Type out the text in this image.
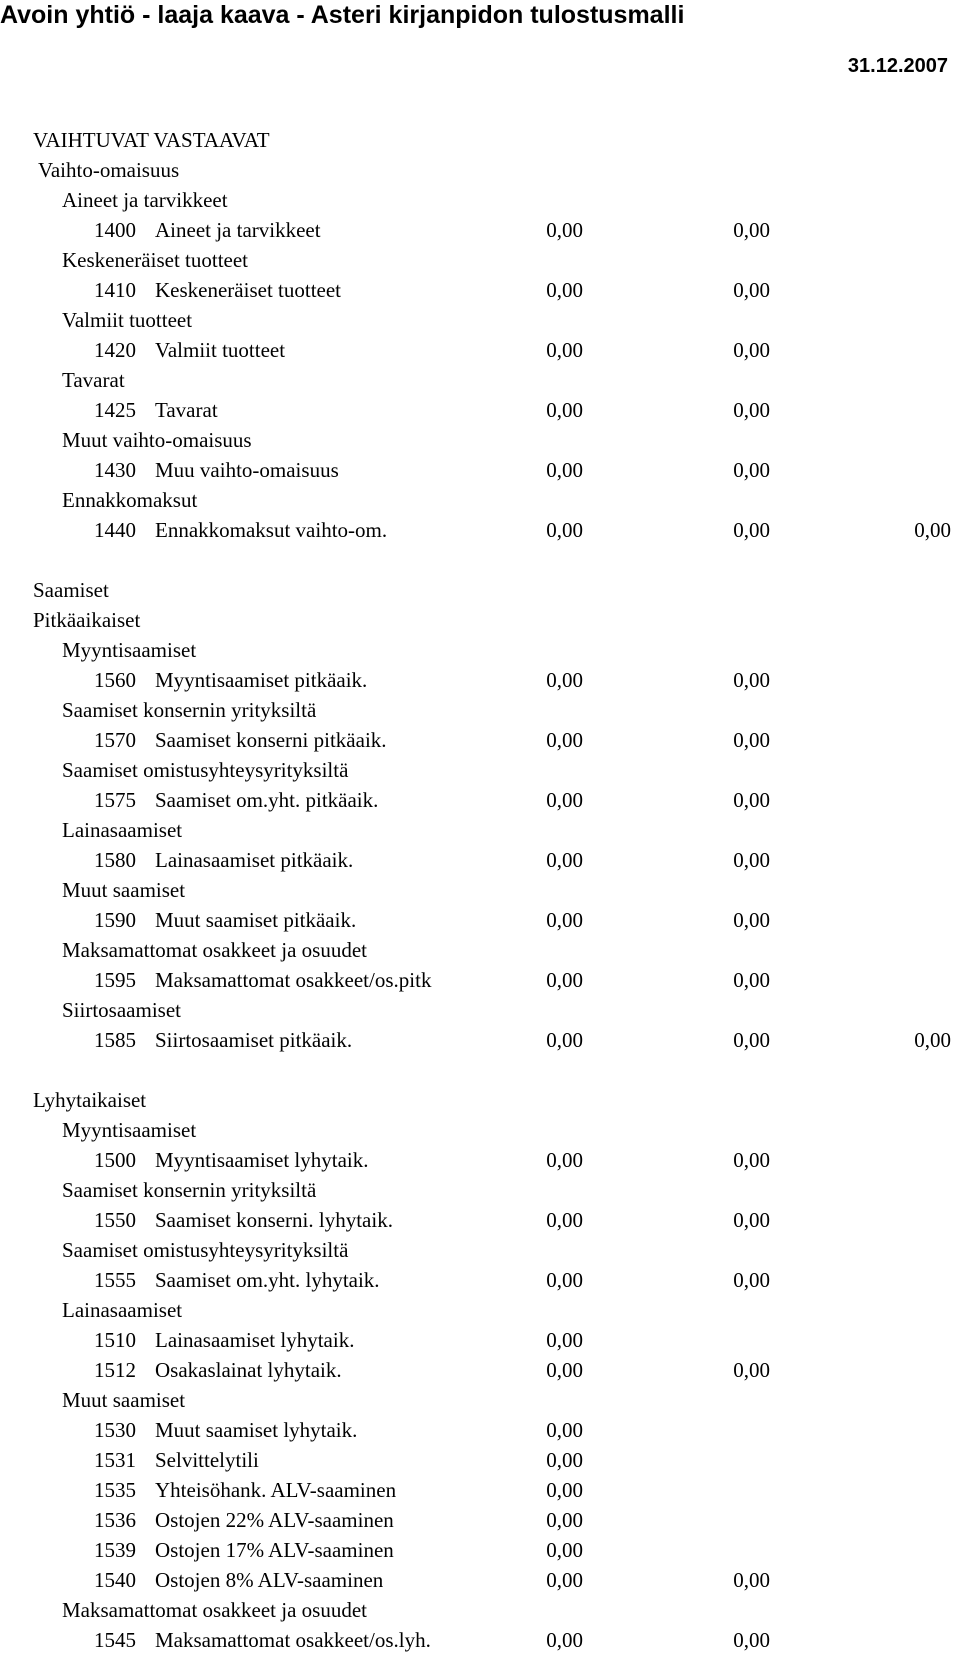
Avoin yhtiö - laaja kaava - Asteri kirjanpidon tulostusmalli
31.12.2007
VAIHTUVAT VASTAAVAT
Vaihto-omaisuus
Aineet ja tarvikkeet
1400 Aineet ja tarvikkeet	0,00	0,00
Keskeneräiset tuotteet
1410 Keskeneräiset tuotteet	0,00	0,00
Valmiit tuotteet
1420 Valmiit tuotteet	0,00	0,00
Tavarat
1425 Tavarat	0,00	0,00
Muut vaihto-omaisuus
1430 Muu vaihto-omaisuus	0,00	0,00
Ennakkomaksut
1440 Ennakkomaksut vaihto-om.	0,00	0,00	0,00
Saamiset
Pitkäaikaiset
Myyntisaamiset
1560 Myyntisaamiset pitkäaik.	0,00	0,00
Saamiset konsernin yrityksiltä
1570 Saamiset konserni pitkäaik.	0,00	0,00
Saamiset omistusyhteysyrityksiltä
1575 Saamiset om.yht. pitkäaik.	0,00	0,00
Lainasaamiset
1580 Lainasaamiset pitkäaik.	0,00	0,00
Muut saamiset
1590 Muut saamiset pitkäaik.	0,00	0,00
Maksamattomat osakkeet ja osuudet
1595 Maksamattomat osakkeet/os.pitk	0,00	0,00
Siirtosaamiset
1585 Siirtosaamiset pitkäaik.	0,00	0,00	0,00
Lyhytaikaiset
Myyntisaamiset
1500 Myyntisaamiset lyhytaik.	0,00	0,00
Saamiset konsernin yrityksiltä
1550 Saamiset konserni. lyhytaik.	0,00	0,00
Saamiset omistusyhteysyrityksiltä
1555 Saamiset om.yht. lyhytaik.	0,00	0,00
Lainasaamiset
1510 Lainasaamiset lyhytaik.	0,00
1512 Osakaslainat lyhytaik.	0,00	0,00
Muut saamiset
1530 Muut saamiset lyhytaik.	0,00
1531 Selvittelytili	0,00
1535 Yhteisöhank. ALV-saaminen	0,00
1536 Ostojen 22% ALV-saaminen	0,00
1539 Ostojen 17% ALV-saaminen	0,00
1540 Ostojen 8% ALV-saaminen	0,00	0,00
Maksamattomat osakkeet ja osuudet
1545 Maksamattomat osakkeet/os.lyh.	0,00	0,00
